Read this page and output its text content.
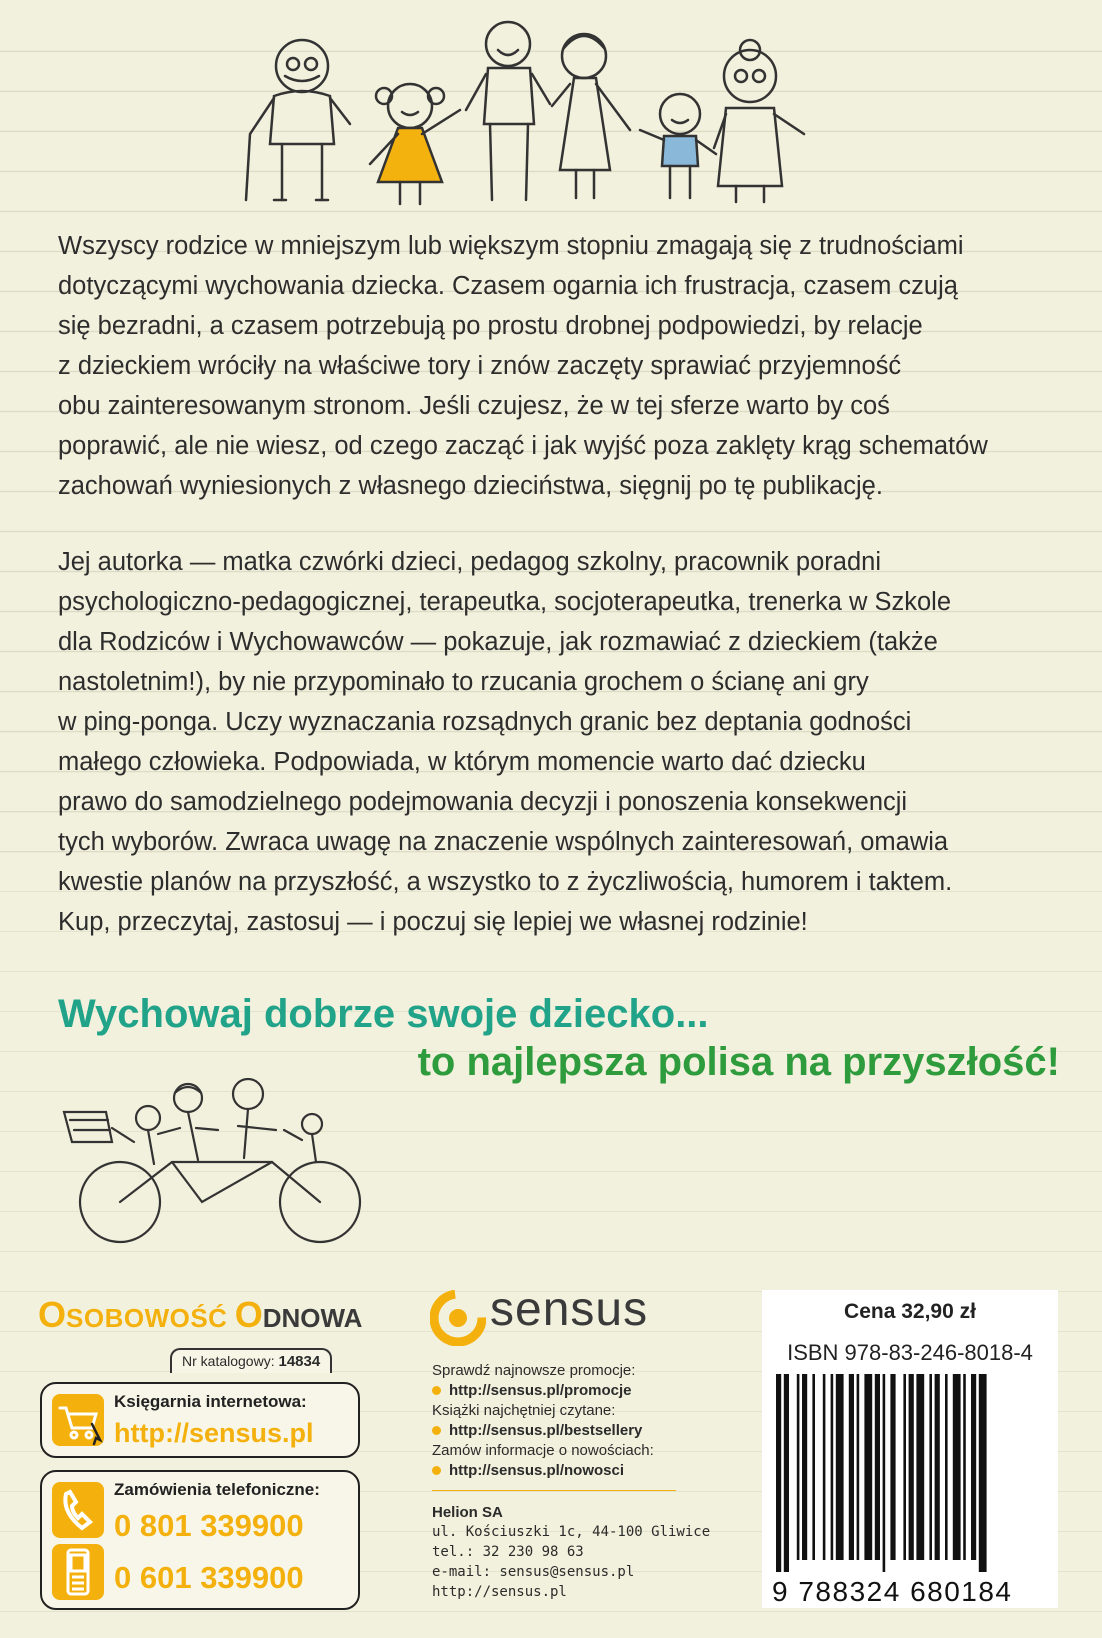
Wszyscy rodzice w mniejszym lub większym stopniu zmagają się z trudnościami
dotyczącymi wychowania dziecka. Czasem ogarnia ich frustracja, czasem czują
się bezradni, a czasem potrzebują po prostu drobnej podpowiedzi, by relacje
z dzieckiem wróciły na właściwe tory i znów zaczęty sprawiać przyjemność
obu zainteresowanym stronom. Jeśli czujesz, że w tej sferze warto by coś
poprawić, ale nie wiesz, od czego zacząć i jak wyjść poza zaklęty krąg schematów
zachowań wyniesionych z własnego dzieciństwa, sięgnij po tę publikację.
Jej autorka — matka czwórki dzieci, pedagog szkolny, pracownik poradni
psychologiczno-pedagogicznej, terapeutka, socjoterapeutka, trenerka w Szkole
dla Rodziców i Wychowawców — pokazuje, jak rozmawiać z dzieckiem (także
nastoletnim!), by nie przypominało to rzucania grochem o ścianę ani gry
w ping-ponga. Uczy wyznaczania rozsądnych granic bez deptania godności
małego człowieka. Podpowiada, w którym momencie warto dać dziecku
prawo do samodzielnego podejmowania decyzji i ponoszenia konsekwencji
tych wyborów. Zwraca uwagę na znaczenie wspólnych zainteresowań, omawia
kwestie planów na przyszłość, a wszystko to z życzliwością, humorem i taktem.
Kup, przeczytaj, zastosuj — i poczuj się lepiej we własnej rodzinie!
Wychowaj dobrze swoje dziecko...
to najlepsza polisa na przyszłość!
OSOBOWOŚĆ ODNOWA
Nr katalogowy: 14834
Księgarnia internetowa:
http://sensus.pl
Zamówienia telefoniczne:
0 801 339900
0 601 339900
sensus
Sprawdź najnowsze promocje:
http://sensus.pl/promocje
Książki najchętniej czytane:
http://sensus.pl/bestsellery
Zamów informacje o nowościach:
http://sensus.pl/nowosci
Helion SA
ul. Kościuszki 1c, 44-100 Gliwice
tel.: 32 230 98 63
e-mail: sensus@sensus.pl
http://sensus.pl
Cena 32,90 zł
ISBN 978-83-246-8018-4
9 788324 680184
